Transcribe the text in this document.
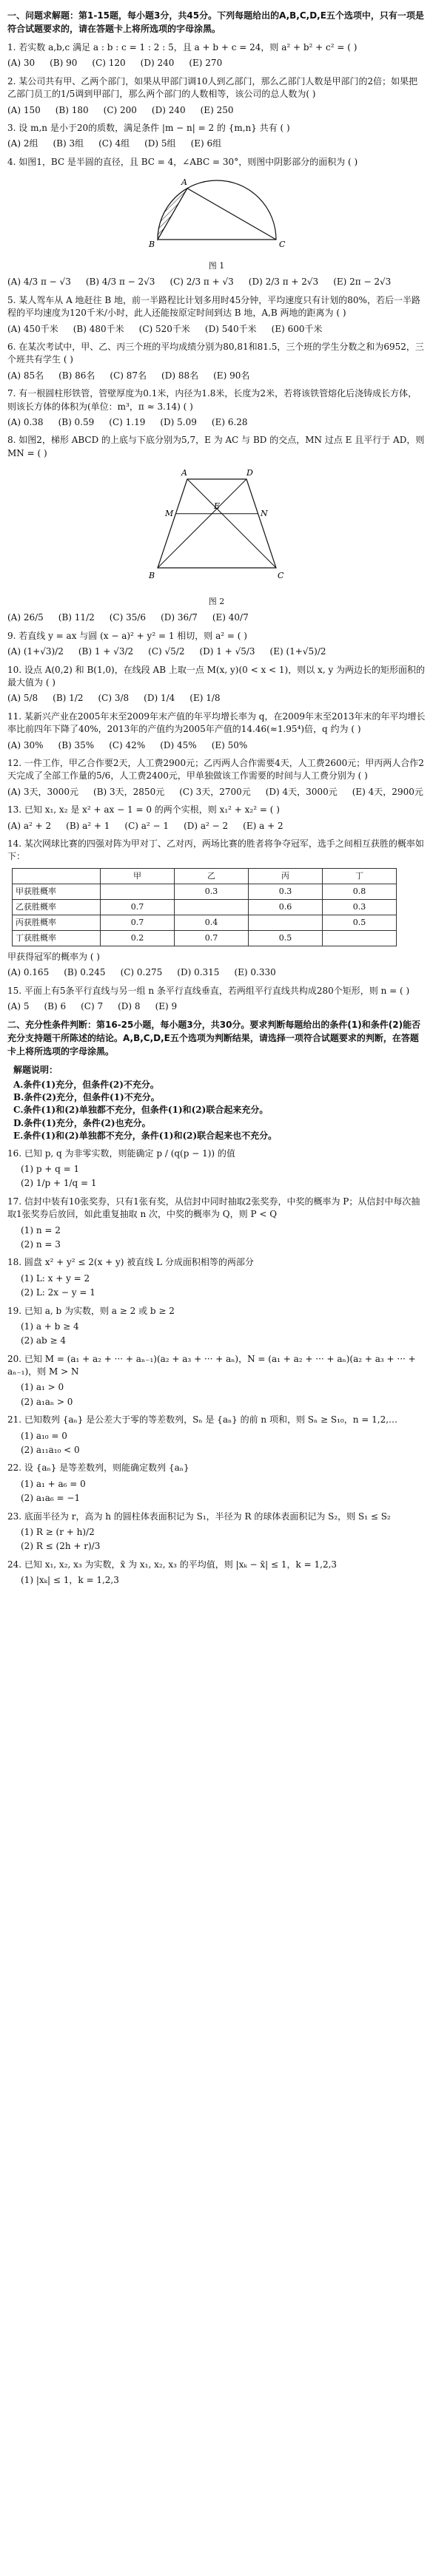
一、问题求解题：第1-15题，每小题3分，共45分。下列每题给出的A,B,C,D,E五个选项中，只有一项是符合试题要求的，请在答题卡上将所选项的字母涂黑。
1. 若实数 a,b,c 满足 a : b : c = 1 : 2 : 5，且 a + b + c = 24，则 a² + b² + c² = ( )
(A) 30 (B) 90 (C) 120 (D) 240 (E) 270
2. 某公司共有甲、乙两个部门，如果从甲部门调10人到乙部门，那么乙部门人数是甲部门的2倍；如果把乙部门员工的1/5调到甲部门，那么两个部门的人数相等，该公司的总人数为( )
(A) 150 (B) 180 (C) 200 (D) 240 (E) 250
3. 设 m,n 是小于20的质数，满足条件 |m − n| = 2 的 {m,n} 共有 ( )
(A) 2组 (B) 3组 (C) 4组 (D) 5组 (E) 6组
4. 如图1，BC 是半圆的直径，且 BC = 4，∠ABC = 30°，则图中阴影部分的面积为 ( )
A
B	C
图 1
(A) 4/3 π − √3 (B) 4/3 π − 2√3 (C) 2/3 π + √3 (D) 2/3 π + 2√3 (E) 2π − 2√3
5. 某人驾车从 A 地赶往 B 地，前一半路程比计划多用时45分钟，平均速度只有计划的80%，若后一半路程的平均速度为120千米/小时，此人还能按原定时间到达 B 地，A,B 两地的距离为 ( )
(A) 450千米 (B) 480千米 (C) 520千米 (D) 540千米 (E) 600千米
6. 在某次考试中，甲、乙、丙三个班的平均成绩分别为80,81和81.5，三个班的学生分数之和为6952，三个班共有学生 ( )
(A) 85名 (B) 86名 (C) 87名 (D) 88名 (E) 90名
7. 有一根圆柱形铁管，管壁厚度为0.1米，内径为1.8米，长度为2米，若将该铁管熔化后浇铸成长方体，则该长方体的体积为(单位：m³，π ≈ 3.14) ( )
(A) 0.38 (B) 0.59 (C) 1.19 (D) 5.09 (E) 6.28
8. 如图2，梯形 ABCD 的上底与下底分别为5,7，E 为 AC 与 BD 的交点，MN 过点 E 且平行于 AD，则 MN = ( )
A	D
M
E
N
B	C
图 2
(A) 26/5 (B) 11/2 (C) 35/6 (D) 36/7 (E) 40/7
9. 若直线 y = ax 与圆 (x − a)² + y² = 1 相切，则 a² = ( )
(A) (1+√3)/2 (B) 1 + √3/2 (C) √5/2 (D) 1 + √5/3 (E) (1+√5)/2
10. 设点 A(0,2) 和 B(1,0)，在线段 AB 上取一点 M(x, y)(0 < x < 1)，则以 x, y 为两边长的矩形面积的最大值为 ( )
(A) 5/8 (B) 1/2 (C) 3/8 (D) 1/4 (E) 1/8
11. 某新兴产业在2005年末至2009年末产值的年平均增长率为 q，在2009年末至2013年末的年平均增长率比前四年下降了40%，2013年的产值约为2005年产值的14.46(≈1.95⁴)倍，q 约为 ( )
(A) 30% (B) 35% (C) 42% (D) 45% (E) 50%
12. 一件工作，甲乙合作要2天，人工费2900元；乙丙两人合作需要4天，人工费2600元；甲丙两人合作2天完成了全部工作量的5/6，人工费2400元，甲单独做该工作需要的时间与人工费分别为 ( )
(A) 3天，3000元 (B) 3天，2850元 (C) 3天，2700元 (D) 4天，3000元 (E) 4天，2900元
13. 已知 x₁, x₂ 是 x² + ax − 1 = 0 的两个实根，则 x₁² + x₂² = ( )
(A) a² + 2 (B) a² + 1 (C) a² − 1 (D) a² − 2 (E) a + 2
14. 某次网球比赛的四强对阵为甲对丁、乙对丙，两场比赛的胜者将争夺冠军，选手之间相互获胜的概率如下：
	甲	乙	丙	丁
甲获胜概率		0.3	0.3	0.8
乙获胜概率	0.7		0.6	0.3
丙获胜概率	0.7	0.4		0.5
丁获胜概率	0.2	0.7	0.5	
甲获得冠军的概率为 ( )
(A) 0.165 (B) 0.245 (C) 0.275 (D) 0.315 (E) 0.330
15. 平面上有5条平行直线与另一组 n 条平行直线垂直，若两组平行直线共构成280个矩形，则 n = ( )
(A) 5 (B) 6 (C) 7 (D) 8 (E) 9
二、充分性条件判断：第16-25小题，每小题3分，共30分。要求判断每题给出的条件(1)和条件(2)能否充分支持题干所陈述的结论。A,B,C,D,E五个选项为判断结果，请选择一项符合试题要求的判断，在答题卡上将所选项的字母涂黑。
解题说明：
A.条件(1)充分，但条件(2)不充分。
B.条件(2)充分，但条件(1)不充分。
C.条件(1)和(2)单独都不充分，但条件(1)和(2)联合起来充分。
D.条件(1)充分，条件(2)也充分。
E.条件(1)和(2)单独都不充分，条件(1)和(2)联合起来也不充分。
16. 已知 p, q 为非零实数，则能确定 p / (q(p − 1)) 的值
(1) p + q = 1
(2) 1/p + 1/q = 1
17. 信封中装有10张奖券，只有1张有奖，从信封中同时抽取2张奖券，中奖的概率为 P；从信封中每次抽取1张奖券后放回，如此重复抽取 n 次，中奖的概率为 Q，则 P < Q
(1) n = 2
(2) n = 3
18. 圆盘 x² + y² ≤ 2(x + y) 被直线 L 分成面积相等的两部分
(1) L: x + y = 2
(2) L: 2x − y = 1
19. 已知 a, b 为实数，则 a ≥ 2 或 b ≥ 2
(1) a + b ≥ 4
(2) ab ≥ 4
20. 已知 M = (a₁ + a₂ + ··· + aₙ₋₁)(a₂ + a₃ + ··· + aₙ)，N = (a₁ + a₂ + ··· + aₙ)(a₂ + a₃ + ··· + aₙ₋₁)，则 M > N
(1) a₁ > 0
(2) a₁aₙ > 0
21. 已知数列 {aₙ} 是公差大于零的等差数列，Sₙ 是 {aₙ} 的前 n 项和，则 Sₙ ≥ S₁₀，n = 1,2,…
(1) a₁₀ = 0
(2) a₁₁a₁₀ < 0
22. 设 {aₙ} 是等差数列，则能确定数列 {aₙ}
(1) a₁ + a₆ = 0
(2) a₁a₆ = −1
23. 底面半径为 r，高为 h 的圆柱体表面积记为 S₁，半径为 R 的球体表面积记为 S₂，则 S₁ ≤ S₂
(1) R ≥ (r + h)/2
(2) R ≤ (2h + r)/3
24. 已知 x₁, x₂, x₃ 为实数，x̄ 为 x₁, x₂, x₃ 的平均值，则 |xₖ − x̄| ≤ 1，k = 1,2,3
(1) |xₖ| ≤ 1，k = 1,2,3
